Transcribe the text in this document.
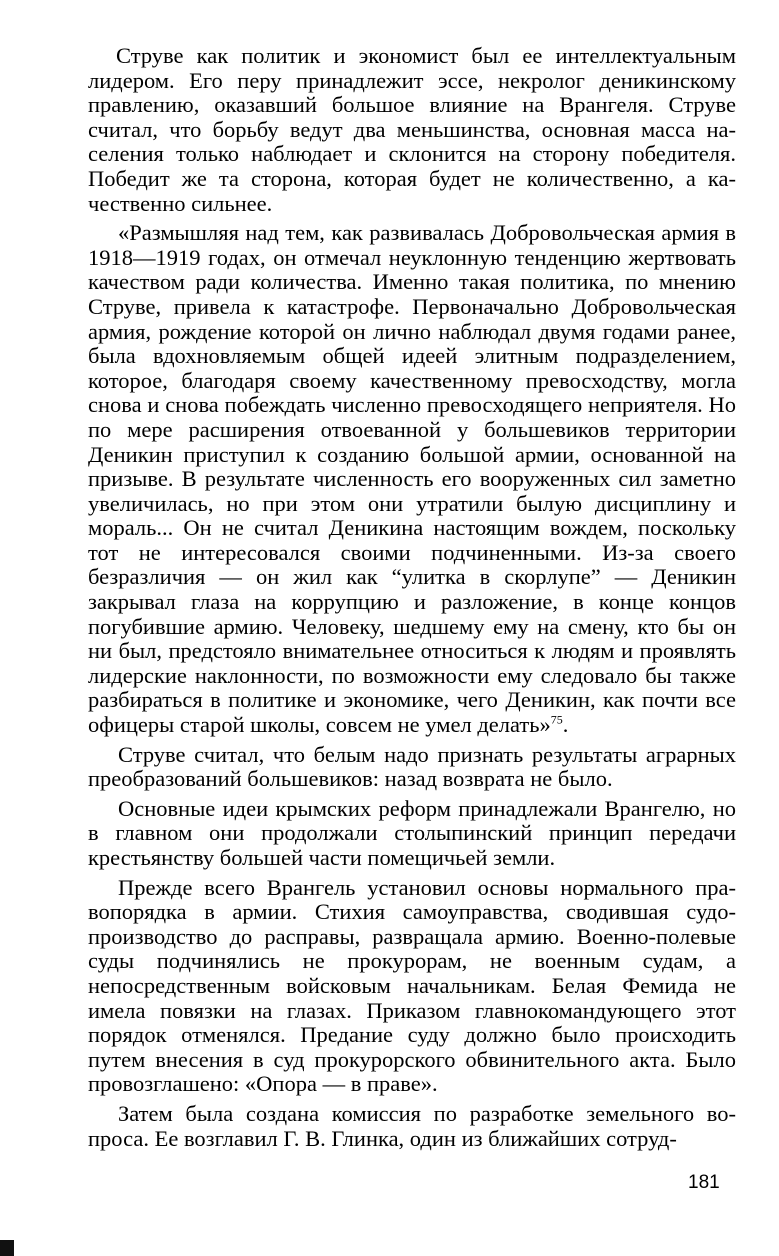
Струве как политик и экономист был ее интеллектуальным лидером. Его перу принадлежит эссе, некролог деникинскому правлению, оказавший большое влияние на Врангеля. Струве считал, что борьбу ведут два меньшинства, основная масса населения только наблюдает и склонится на сторону победителя. Победит же та сторона, которая будет не количественно, а качественно сильнее.

«Размышляя над тем, как развивалась Добровольческая армия в 1918—1919 годах, он отмечал неуклонную тенденцию жертвовать качеством ради количества. Именно такая политика, по мнению Струве, привела к катастрофе. Первоначально Добровольческая армия, рождение которой он лично наблюдал двумя годами ранее, была вдохновляемым общей идеей элитным подразделением, которое, благодаря своему качественному превосходству, могла снова и снова побеждать численно превосходящего неприятеля. Но по мере расширения отвоеванной у большевиков территории Деникин приступил к созданию большой армии, основанной на призыве. В результате численность его вооруженных сил заметно увеличилась, но при этом они утратили былую дисциплину и мораль... Он не считал Деникина настоящим вождем, поскольку тот не интересовался своими подчиненными. Из-за своего безразличия — он жил как “улитка в скорлупе” — Деникин закрывал глаза на коррупцию и разложение, в конце концов погубившие армию. Человеку, шедшему ему на смену, кто бы он ни был, предстояло внимательнее относиться к людям и проявлять лидерские наклонности, по возможности ему следовало бы также разбираться в политике и экономике, чего Деникин, как почти все офицеры старой школы, совсем не умел делать»$^{75}$.

Струве считал, что белым надо признать результаты аграрных преобразований большевиков: назад возврата не было.

Основные идеи крымских реформ принадлежали Врангелю, но в главном они продолжали столыпинский принцип передачи крестьянству большей части помещичьей земли.

Прежде всего Врангель установил основы нормального правопорядка в армии. Стихия самоуправства, сводившая судопроизводство до расправы, развращала армию. Военно-полевые суды подчинялись не прокурорам, не военным судам, а непосредственным войсковым начальникам. Белая Фемида не имела повязки на глазах. Приказом главнокомандующего этот порядок отменялся. Предание суду должно было происходить путем внесения в суд прокурорского обвинительного акта. Было провозглашено: «Опора — в праве».

Затем была создана комиссия по разработке земельного вопроса. Ее возглавил Г. В. Глинка, один из ближайших сотруд-

181
